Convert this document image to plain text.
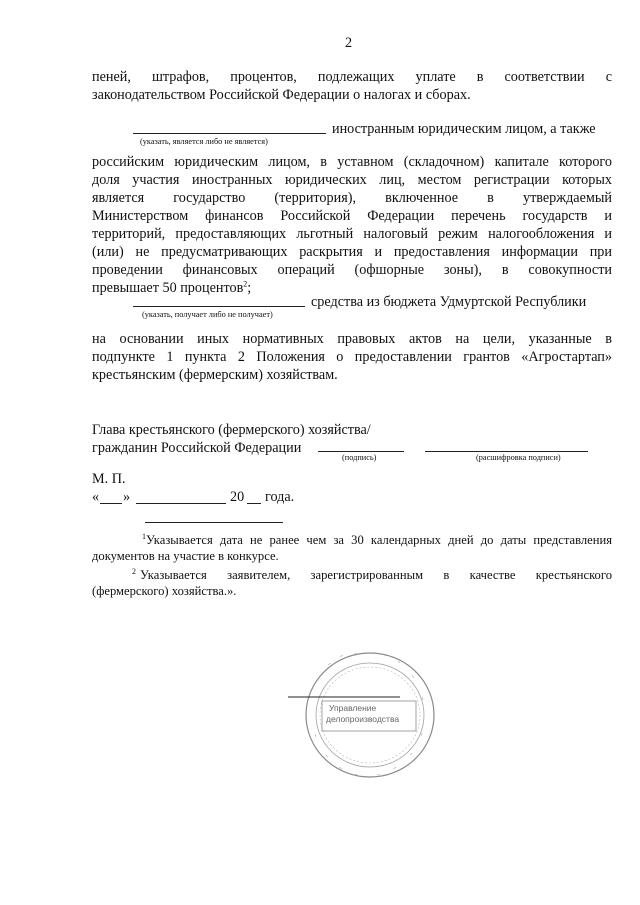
2
пеней, штрафов, процентов, подлежащих уплате в соответствии с
законодательством Российской Федерации о налогах и сборах.
(указать, является либо не является)
иностранным юридическим лицом, а также
российским юридическим лицом, в уставном (складочном) капитале которого
доля участия иностранных юридических лиц, местом регистрации которых
является государство (территория), включенное в утверждаемый
Министерством финансов Российской Федерации перечень государств и
территорий, предоставляющих льготный налоговый режим налогообложения и
(или) не предусматривающих раскрытия и предоставления информации при
проведении финансовых операций (офшорные зоны), в совокупности
превышает 50 процентов$^2$;
(указать, получает либо не получает)
средства из бюджета Удмуртской Республики
на основании иных нормативных правовых актов на цели, указанные в
подпункте 1 пункта 2 Положения о предоставлении грантов «Агростартап»
крестьянским (фермерским) хозяйствам.
Глава крестьянского (фермерского) хозяйства/
гражданин Российской Федерации
(подпись)	(расшифровка подписи)
М. П.
« »	20 года.
1 Указывается дата не ранее чем за 30 календарных дней до даты представления
документов на участие в конкурсе.
2 Указывается заявителем, зарегистрированным в качестве крестьянского
(фермерского) хозяйства.».
Управление
делопроизводства
